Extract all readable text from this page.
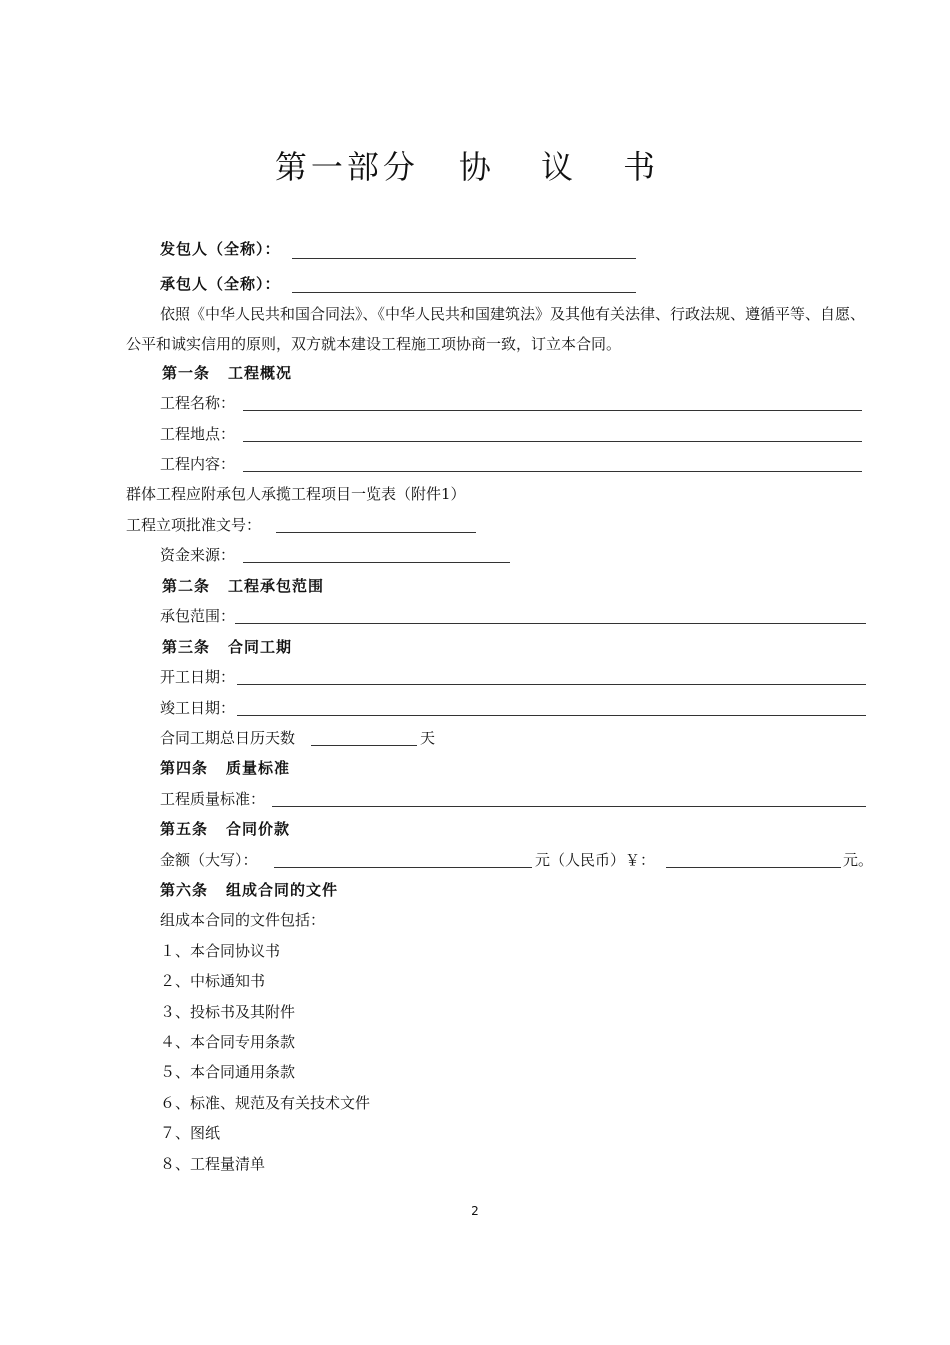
第一部分 协 议 书
发包人（全称）：
承包人（全称）：
依照《中华人民共和国合同法》、《中华人民共和国建筑法》及其他有关法律、行政法规、遵循平等、自愿、公平和诚实信用的原则，双方就本建设工程施工项协商一致，订立本合同。
第一条 工程概况
工程名称：
工程地点：
工程内容：
群体工程应附承包人承揽工程项目一览表（附件1）
工程立项批准文号：
资金来源：
第二条 工程承包范围
承包范围：
第三条 合同工期
开工日期：
竣工日期：
合同工期总日历天数	天
第四条 质量标准
工程质量标准：
第五条 合同价款
金额（大写）：	元（人民币）￥：	元。
第六条 组成合同的文件
组成本合同的文件包括：
１、本合同协议书
２、中标通知书
３、投标书及其附件
４、本合同专用条款
５、本合同通用条款
６、标准、规范及有关技术文件
７、图纸
８、工程量清单
2
